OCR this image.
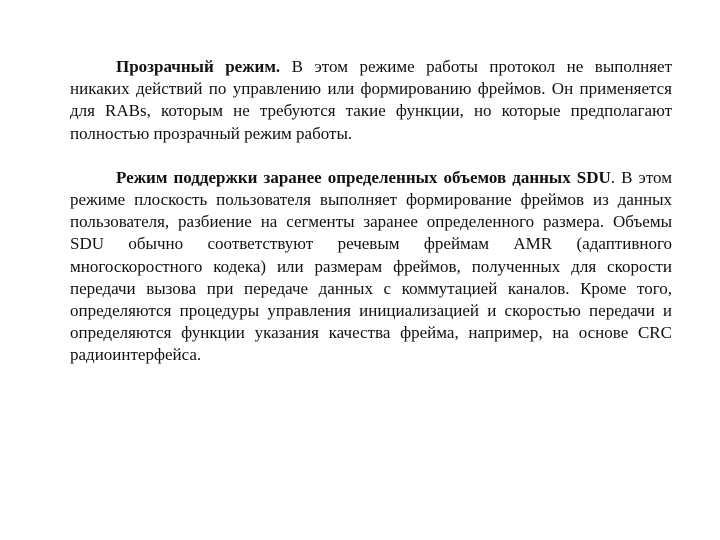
Прозрачный режим. В этом режиме работы протокол не выполняет никаких действий по управлению или формированию фреймов. Он применяется для RABs, которым не требуются такие функции, но которые предполагают полностью прозрачный режим работы.

Режим поддержки заранее определенных объемов данных SDU. В этом режиме плоскость пользователя выполняет формирование фреймов из данных пользователя, разбиение на сегменты заранее определенного размера. Объемы SDU обычно соответствуют речевым фреймам AMR (адаптивного многоскоростного кодека) или размерам фреймов, полученных для скорости передачи вызова при передаче данных с коммутацией каналов. Кроме того, определяются процедуры управления инициализацией и скоростью передачи и определяются функции указания качества фрейма, например, на основе CRC радиоинтерфейса.
